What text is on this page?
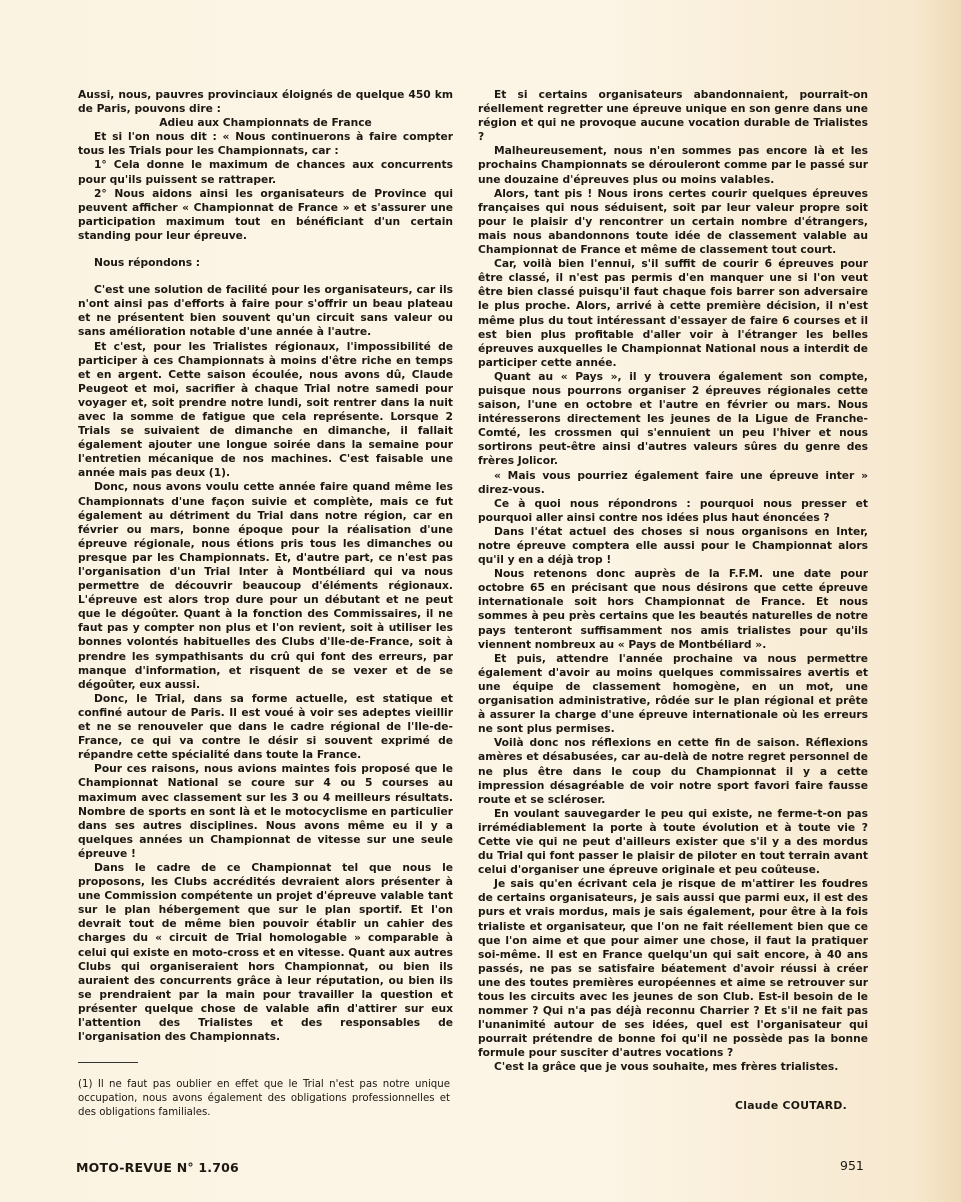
Aussi, nous, pauvres provinciaux éloignés de quelque 450 km de Paris, pouvons dire :

Adieu aux Championnats de France

Et si l'on nous dit : « Nous continuerons à faire compter tous les Trials pour les Championnats, car :

1° Cela donne le maximum de chances aux concurrents pour qu'ils puissent se rattraper.

2° Nous aidons ainsi les organisateurs de Province qui peuvent afficher « Championnat de France » et s'assurer une participation maximum tout en bénéficiant d'un certain standing pour leur épreuve.

Nous répondons :

C'est une solution de facilité pour les organisateurs, car ils n'ont ainsi pas d'efforts à faire pour s'offrir un beau plateau et ne présentent bien souvent qu'un circuit sans valeur ou sans amélioration notable d'une année à l'autre.

Et c'est, pour les Trialistes régionaux, l'impossibilité de participer à ces Championnats à moins d'être riche en temps et en argent. Cette saison écoulée, nous avons dû, Claude Peugeot et moi, sacrifier à chaque Trial notre samedi pour voyager et, soit prendre notre lundi, soit rentrer dans la nuit avec la somme de fatigue que cela représente. Lorsque 2 Trials se suivaient de dimanche en dimanche, il fallait également ajouter une longue soirée dans la semaine pour l'entretien mécanique de nos machines. C'est faisable une année mais pas deux (1).

Donc, nous avons voulu cette année faire quand même les Championnats d'une façon suivie et complète, mais ce fut également au détriment du Trial dans notre région, car en février ou mars, bonne époque pour la réalisation d'une épreuve régionale, nous étions pris tous les dimanches ou presque par les Championnats. Et, d'autre part, ce n'est pas l'organisation d'un Trial Inter à Montbéliard qui va nous permettre de découvrir beaucoup d'éléments régionaux. L'épreuve est alors trop dure pour un débutant et ne peut que le dégoûter. Quant à la fonction des Commissaires, il ne faut pas y compter non plus et l'on revient, soit à utiliser les bonnes volontés habituelles des Clubs d'Ile-de-France, soit à prendre les sympathisants du crû qui font des erreurs, par manque d'information, et risquent de se vexer et de se dégoûter, eux aussi.

Donc, le Trial, dans sa forme actuelle, est statique et confiné autour de Paris. Il est voué à voir ses adeptes vieillir et ne se renouveler que dans le cadre régional de l'Ile-de-France, ce qui va contre le désir si souvent exprimé de répandre cette spécialité dans toute la France.

Pour ces raisons, nous avions maintes fois proposé que le Championnat National se coure sur 4 ou 5 courses au maximum avec classement sur les 3 ou 4 meilleurs résultats. Nombre de sports en sont là et le motocyclisme en particulier dans ses autres disciplines. Nous avons même eu il y a quelques années un Championnat de vitesse sur une seule épreuve !

Dans le cadre de ce Championnat tel que nous le proposons, les Clubs accrédités devraient alors présenter à une Commission compétente un projet d'épreuve valable tant sur le plan hébergement que sur le plan sportif. Et l'on devrait tout de même bien pouvoir établir un cahier des charges du « circuit de Trial homologable » comparable à celui qui existe en moto-cross et en vitesse. Quant aux autres Clubs qui organiseraient hors Championnat, ou bien ils auraient des concurrents grâce à leur réputation, ou bien ils se prendraient par la main pour travailler la question et présenter quelque chose de valable afin d'attirer sur eux l'attention des Trialistes et des responsables de l'organisation des Championnats.

Et si certains organisateurs abandonnaient, pourrait-on réellement regretter une épreuve unique en son genre dans une région et qui ne provoque aucune vocation durable de Trialistes ?

Malheureusement, nous n'en sommes pas encore là et les prochains Championnats se dérouleront comme par le passé sur une douzaine d'épreuves plus ou moins valables.

Alors, tant pis ! Nous irons certes courir quelques épreuves françaises qui nous séduisent, soit par leur valeur propre soit pour le plaisir d'y rencontrer un certain nombre d'étrangers, mais nous abandonnons toute idée de classement valable au Championnat de France et même de classement tout court.

Car, voilà bien l'ennui, s'il suffit de courir 6 épreuves pour être classé, il n'est pas permis d'en manquer une si l'on veut être bien classé puisqu'il faut chaque fois barrer son adversaire le plus proche. Alors, arrivé à cette première décision, il n'est même plus du tout intéressant d'essayer de faire 6 courses et il est bien plus profitable d'aller voir à l'étranger les belles épreuves auxquelles le Championnat National nous a interdit de participer cette année.

Quant au « Pays », il y trouvera également son compte, puisque nous pourrons organiser 2 épreuves régionales cette saison, l'une en octobre et l'autre en février ou mars. Nous intéresserons directement les jeunes de la Ligue de Franche-Comté, les crossmen qui s'ennuient un peu l'hiver et nous sortirons peut-être ainsi d'autres valeurs sûres du genre des frères Jolicor.

« Mais vous pourriez également faire une épreuve inter » direz-vous.

Ce à quoi nous répondrons : pourquoi nous presser et pourquoi aller ainsi contre nos idées plus haut énoncées ?

Dans l'état actuel des choses si nous organisons en Inter, notre épreuve comptera elle aussi pour le Championnat alors qu'il y en a déjà trop !

Nous retenons donc auprès de la F.F.M. une date pour octobre 65 en précisant que nous désirons que cette épreuve internationale soit hors Championnat de France. Et nous sommes à peu près certains que les beautés naturelles de notre pays tenteront suffisamment nos amis trialistes pour qu'ils viennent nombreux au « Pays de Montbéliard ».

Et puis, attendre l'année prochaine va nous permettre également d'avoir au moins quelques commissaires avertis et une équipe de classement homogène, en un mot, une organisation administrative, rôdée sur le plan régional et prête à assurer la charge d'une épreuve internationale où les erreurs ne sont plus permises.

Voilà donc nos réflexions en cette fin de saison. Réflexions amères et désabusées, car au-delà de notre regret personnel de ne plus être dans le coup du Championnat il y a cette impression désagréable de voir notre sport favori faire fausse route et se scléroser.

En voulant sauvegarder le peu qui existe, ne ferme-t-on pas irrémédiablement la porte à toute évolution et à toute vie ? Cette vie qui ne peut d'ailleurs exister que s'il y a des mordus du Trial qui font passer le plaisir de piloter en tout terrain avant celui d'organiser une épreuve originale et peu coûteuse.

Je sais qu'en écrivant cela je risque de m'attirer les foudres de certains organisateurs, je sais aussi que parmi eux, il est des purs et vrais mordus, mais je sais également, pour être à la fois trialiste et organisateur, que l'on ne fait réellement bien que ce que l'on aime et que pour aimer une chose, il faut la pratiquer soi-même. Il est en France quelqu'un qui sait encore, à 40 ans passés, ne pas se satisfaire béatement d'avoir réussi à créer une des toutes premières européennes et aime se retrouver sur tous les circuits avec les jeunes de son Club. Est-il besoin de le nommer ? Qui n'a pas déjà reconnu Charrier ? Et s'il ne fait pas l'unanimité autour de ses idées, quel est l'organisateur qui pourrait prétendre de bonne foi qu'il ne possède pas la bonne formule pour susciter d'autres vocations ?

C'est la grâce que je vous souhaite, mes frères trialistes.

(1) Il ne faut pas oublier en effet que le Trial n'est pas notre unique occupation, nous avons également des obligations professionnelles et des obligations familiales.
Claude COUTARD.
MOTO-REVUE N° 1.706	951
